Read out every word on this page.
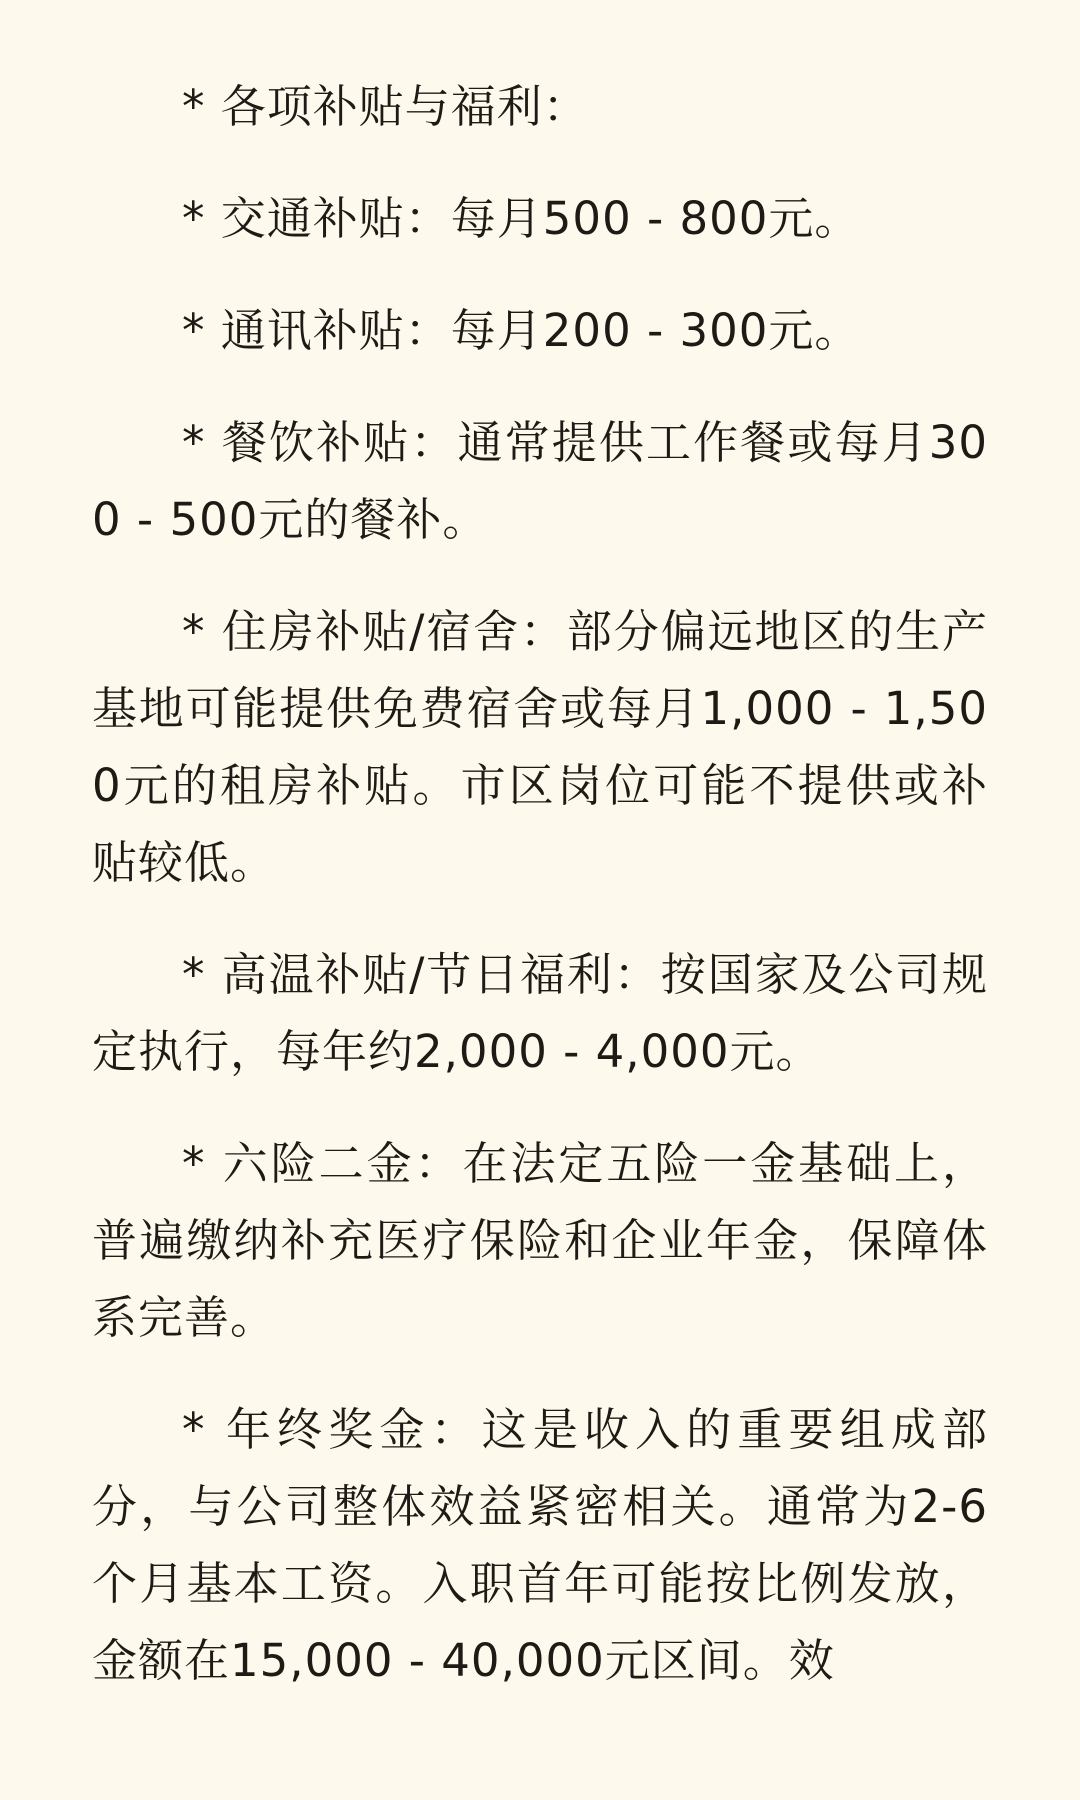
* 各项补贴与福利：

* 交通补贴：每月500 - 800元。

* 通讯补贴：每月200 - 300元。

* 餐饮补贴：通常提供工作餐或每月300 - 500元的餐补。

* 住房补贴/宿舍：部分偏远地区的生产基地可能提供免费宿舍或每月1,000 - 1,500元的租房补贴。市区岗位可能不提供或补贴较低。

* 高温补贴/节日福利：按国家及公司规定执行，每年约2,000 - 4,000元。

* 六险二金：在法定五险一金基础上，普遍缴纳补充医疗保险和企业年金，保障体系完善。

* 年终奖金：这是收入的重要组成部分，与公司整体效益紧密相关。通常为2-6个月基本工资。入职首年可能按比例发放，金额在15,000 - 40,000元区间。效
